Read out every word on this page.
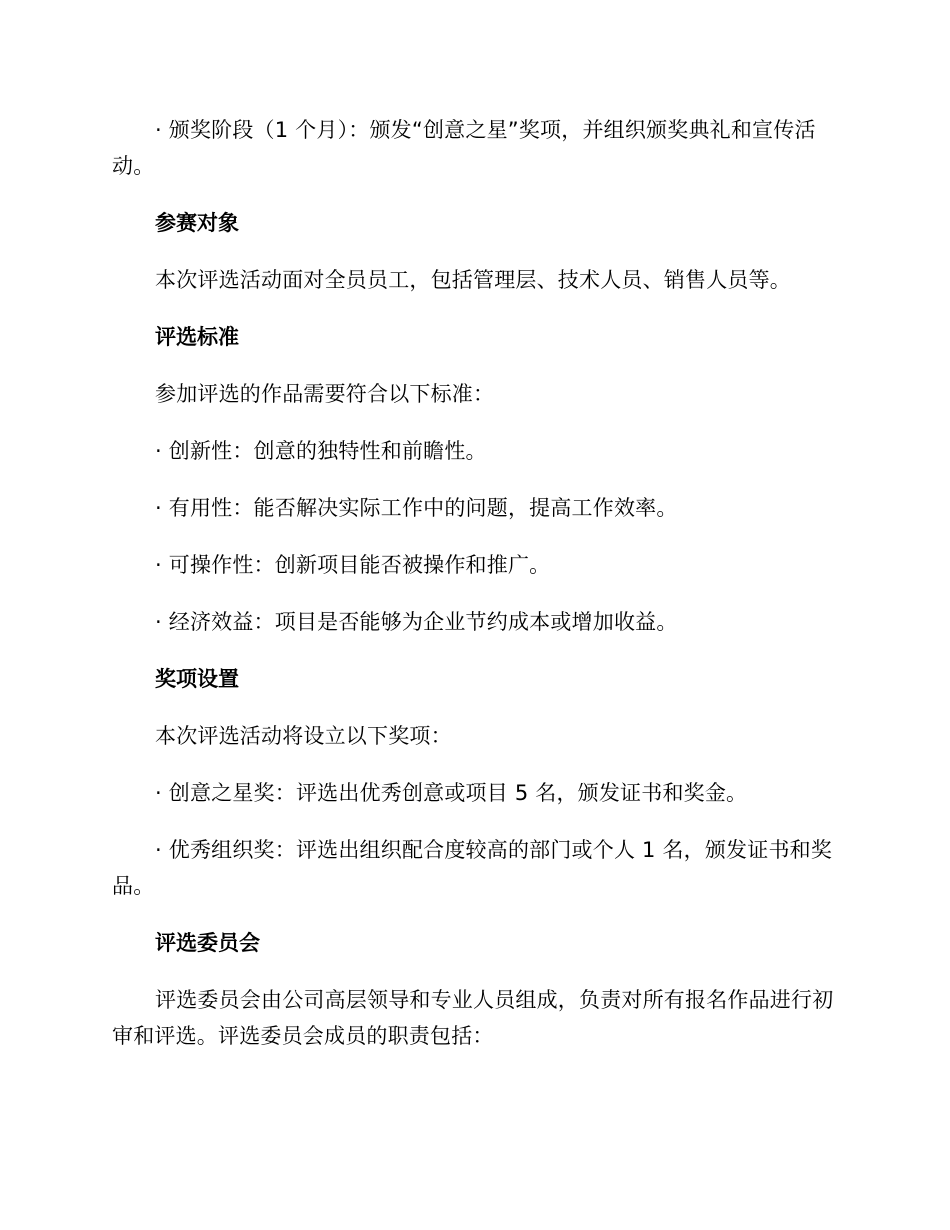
· 颁奖阶段（1 个月）：颁发“创意之星”奖项，并组织颁奖典礼和宣传活动。

参赛对象

本次评选活动面对全员员工，包括管理层、技术人员、销售人员等。

评选标准

参加评选的作品需要符合以下标准：

· 创新性：创意的独特性和前瞻性。

· 有用性：能否解决实际工作中的问题，提高工作效率。

· 可操作性：创新项目能否被操作和推广。

· 经济效益：项目是否能够为企业节约成本或增加收益。

奖项设置

本次评选活动将设立以下奖项：

· 创意之星奖：评选出优秀创意或项目 5 名，颁发证书和奖金。

· 优秀组织奖：评选出组织配合度较高的部门或个人 1 名，颁发证书和奖品。

评选委员会

评选委员会由公司高层领导和专业人员组成，负责对所有报名作品进行初审和评选。评选委员会成员的职责包括：
